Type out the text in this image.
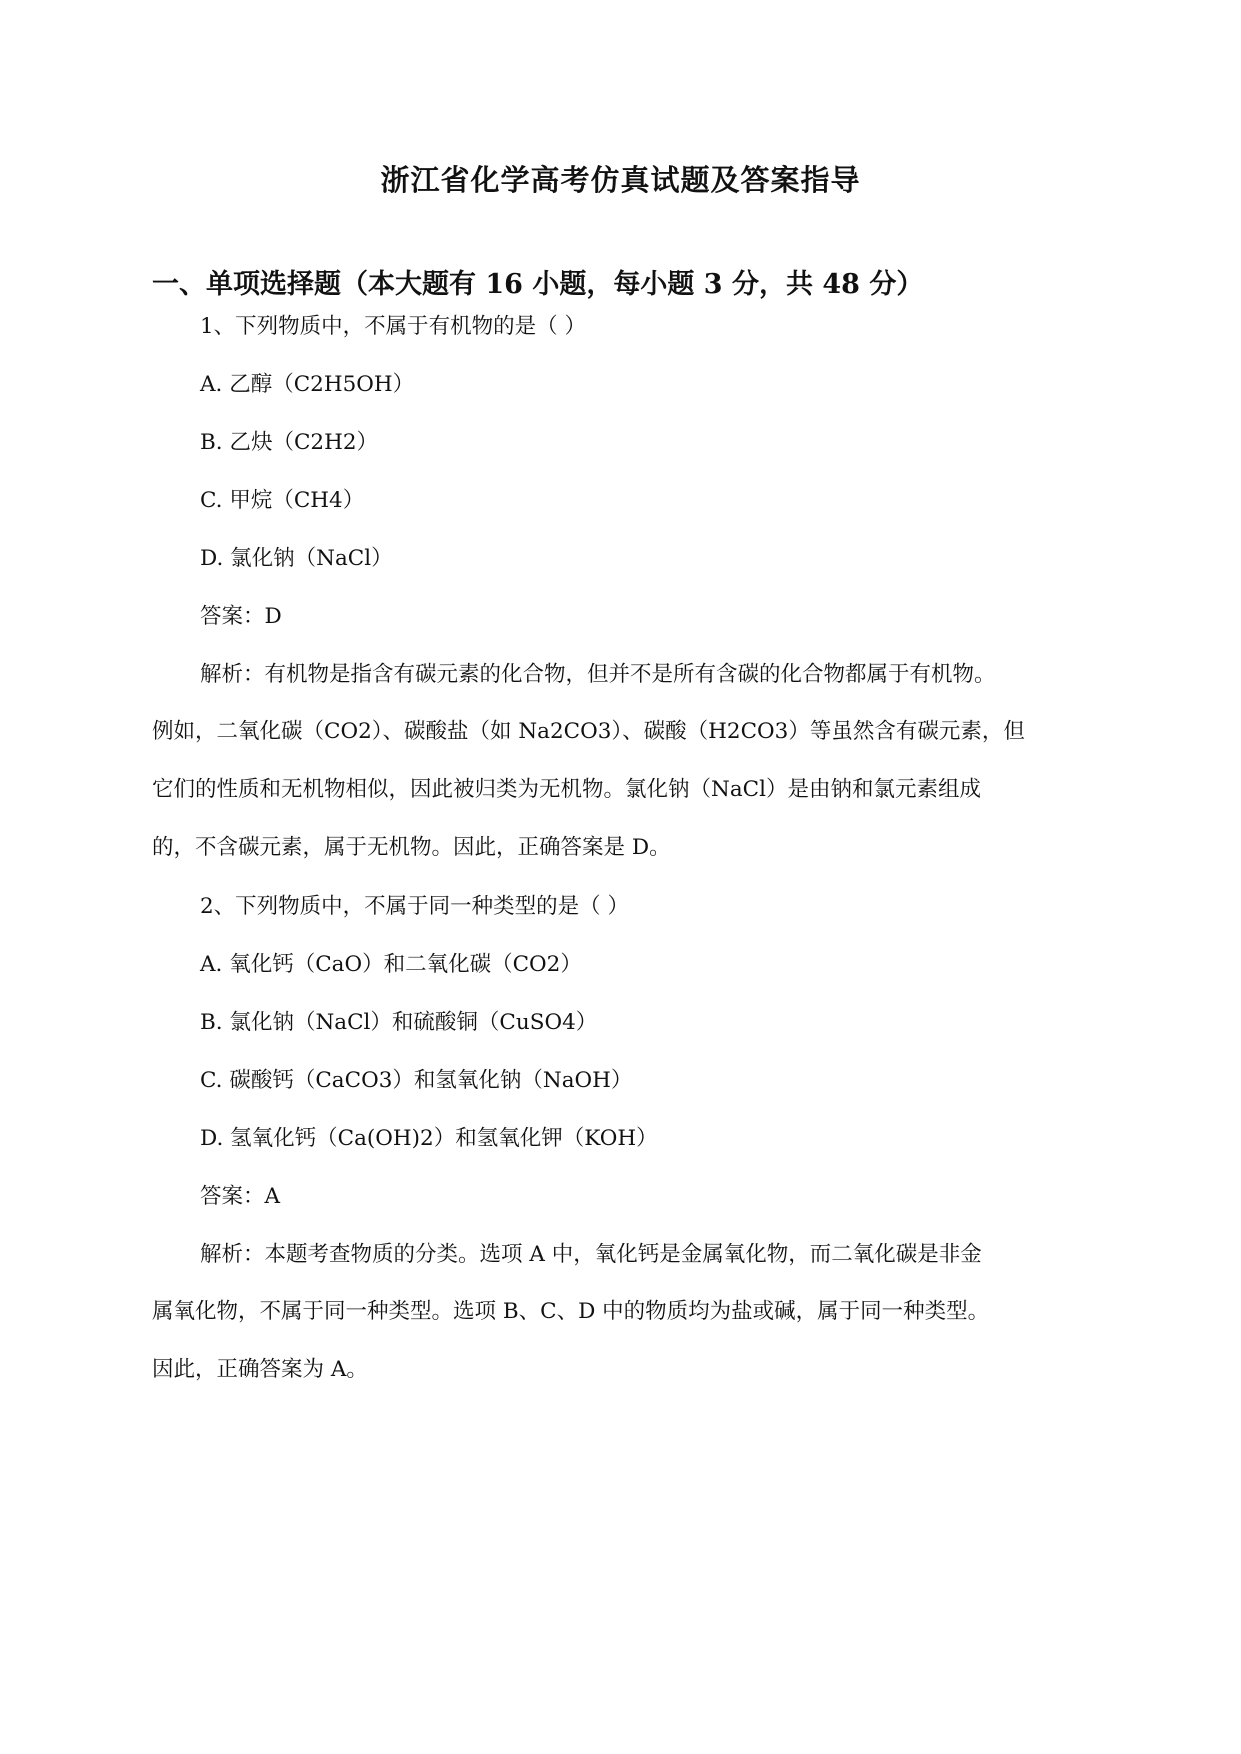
浙江省化学高考仿真试题及答案指导
一、单项选择题（本大题有 16 小题，每小题 3 分，共 48 分）
1、下列物质中，不属于有机物的是（ ）
A. 乙醇（C2H5OH）
B. 乙炔（C2H2）
C. 甲烷（CH4）
D. 氯化钠（NaCl）
答案：D
解析：有机物是指含有碳元素的化合物，但并不是所有含碳的化合物都属于有机物。
例如，二氧化碳（CO2）、碳酸盐（如 Na2CO3）、碳酸（H2CO3）等虽然含有碳元素，但
它们的性质和无机物相似，因此被归类为无机物。氯化钠（NaCl）是由钠和氯元素组成
的，不含碳元素，属于无机物。因此，正确答案是 D。
2、下列物质中，不属于同一种类型的是（ ）
A. 氧化钙（CaO）和二氧化碳（CO2）
B. 氯化钠（NaCl）和硫酸铜（CuSO4）
C. 碳酸钙（CaCO3）和氢氧化钠（NaOH）
D. 氢氧化钙（Ca(OH)2）和氢氧化钾（KOH）
答案：A
解析：本题考查物质的分类。选项 A 中，氧化钙是金属氧化物，而二氧化碳是非金
属氧化物，不属于同一种类型。选项 B、C、D 中的物质均为盐或碱，属于同一种类型。
因此，正确答案为 A。
